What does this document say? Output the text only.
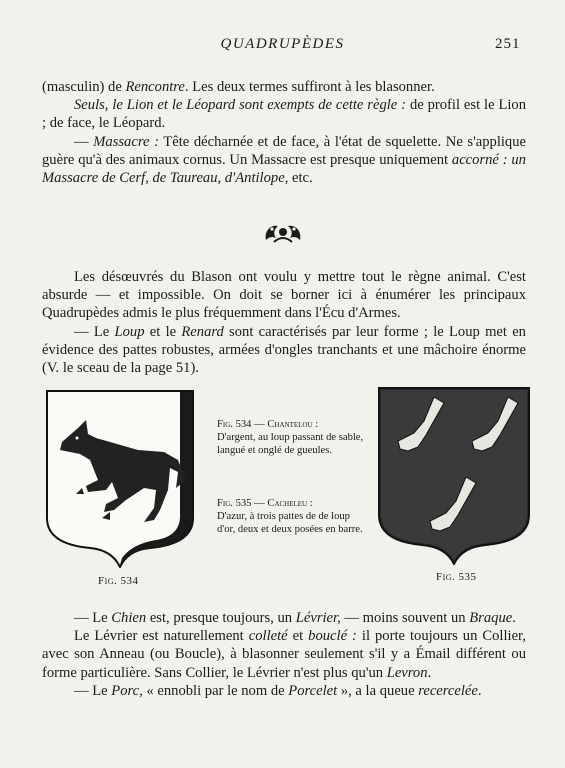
QUADRUPÈDES	251
(masculin) de Rencontre. Les deux termes suffiront à les blasonner.
Seuls, le Lion et le Léopard sont exempts de cette règle : de profil est le Lion ; de face, le Léopard.
— Massacre : Tête décharnée et de face, à l'état de squelette. Ne s'applique guère qu'à des animaux cornus. Un Massacre est presque uniquement accorné : un Massacre de Cerf, de Taureau, d'Antilope, etc.
Les désœuvrés du Blason ont voulu y mettre tout le règne animal. C'est absurde — et impossible. On doit se borner ici à énumérer les principaux Quadrupèdes admis le plus fréquemment dans l'Écu d'Armes.
— Le Loup et le Renard sont caractérisés par leur forme ; le Loup met en évidence des pattes robustes, armées d'ongles tranchants et une mâchoire énorme (V. le sceau de la page 51).
Fig. 534 — Chantelou :
D'argent, au loup passant de sable, langué et onglé de gueules.
Fig. 535 — Cacheleu :
D'azur, à trois pattes de de loup d'or, deux et deux posées en barre.
Fig. 534	Fig. 535
— Le Chien est, presque toujours, un Lévrier, — moins souvent un Braque.
Le Lévrier est naturellement colleté et bouclé : il porte toujours un Collier, avec son Anneau (ou Boucle), à blasonner seulement s'il y a Émail différent ou forme particulière. Sans Collier, le Lévrier n'est plus qu'un Levron.
— Le Porc, « ennobli par le nom de Porcelet », a la queue recercelée.
